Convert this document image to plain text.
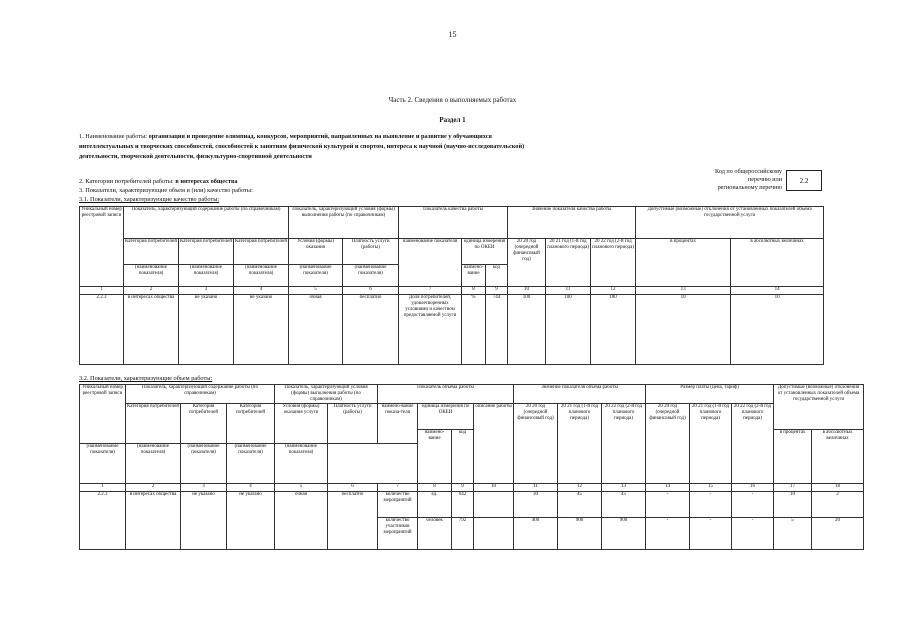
15
Часть 2. Сведения о выполняемых работах
Раздел 1
1. Наименование работы: организация и проведение олимпиад, конкурсов, мероприятий, направленных на выявление и развитие у обучающихся
интеллектуальных и творческих способностей, способностей к занятиям физической культурой и спортом, интереса к научной (научно-исследовательской)
деятельности, творческой деятельности, физкультурно-спортивной деятельности
2. Категории потребителей работы: в интересах общества
3. Показатели, характеризующие объем и (или) качество работы:
3.1. Показатели, характеризующие качество работы:
Код по общероссийскому
перечню или
региональному перечню
2.2
Уникальный номер реестровой записи	Показатель, характеризующий содержание работы (по справочникам)			Показатель, характеризующий условия (формы) выполнения работы (по справочникам)		Показатель качества работы			Значение показателя качества работы			Допустимые (возможные) отклонения от установленных показателей объема государственной услуги	
	Категория потребителей	Категория потребителей	Категория потребителей	Условия (формы) оказания	Платность услуги (работы)	наименование показателя	единица измерения по ОКЕИ		20 20 год (очередной финансовый год)	20 21 год (1-й год планового периода)	20 22 год (2-й год планового периода)	в процентах	в абсолютных величинах
	(наименование показателя)	(наименование показателя)	(наименование показателя)	(наименование показателя)	(наименование показателя)		наимено-вание	код					
1	2	3	4	5	6	7	8	9	10	11	12	13	14
2.2.3	в интересах общества	не указано	не указано	очная	бесплатно	Доля потребителей, удовлетворенных условиями и качеством предоставляемой услуги	%	744	100	100	100	10	10
3.2. Показатели, характеризующие объем работы:
Уникальный номер реестровой записи	Показатель, характеризующий содержание работы (по справочникам)			Показатель, характеризующий условия (формы) выполнения работы (по справочникам)		Показатель объема работы				Значение показателя объема работы			Размер платы (цена, тариф)			Допустимые (возможные) отклонения от установленных показателей объема государственной услуги	
	Категория потребителей	Категория потребителей	Категория потребителей	Условия (формы) оказания услуги	Платность услуги (работы)	наимено-вание показа-теля	единица измерения по ОКЕИ		описание работы	20 20 год (очередной финансовый год)	20 21 год (1-й год планового периода)	20 22 год (2-й год планового периода)	20 20 год (очередной финансовый год)	20 21 год (1-й год планового периода)	20 22 год (2-й год планового периода)		
							наимено-вание	код								в процентах	в абсолютных величинах
(наименование показателя)	(наименование показателя)	(наименование показателя)	(наименование показателя)	(наименование показателя)													
1	2	3	4	5	6	7	8	9	10	11	12	13	14	15	16	17	18
2.2.3	в интересах общества	не указано	не указано	очная	бесплатно	количество мероприятий	ед.	642		30	45	45	-	-	-	10	2
						количество участников мероприятий	человек	792		400	900	900	-	-	-	5	20
